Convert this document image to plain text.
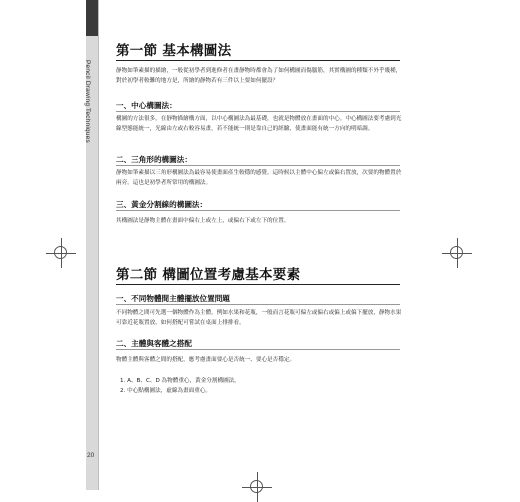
Pencil Drawing Techniques
20
第一節 基本構圖法
靜物如筆素描的描繪，一般從初學者到進修者在畫靜物時都會為了如何構圖而傷腦筋，其實構圖的種類不外乎幾種，對於初學者較難的地方是，所繪的靜物若有三件以上要如何擺設？
一、中心構圖法：
構圖的方法很多，在靜物描繪構方面，以中心構圖法為最基礎，也就是物體放在畫面的中心。中心構圖法要考慮到光線型態能統一，光線由左或右較容易畫，若不能統一則是靠自己的經驗，使畫面能有統一方向的明暗調。
二、三角形的構圖法：
靜物如筆素描以三角形構圖法為最容易使畫面產生較穩的感覺。這時候以主體中心偏左或偏右置放，次要的物體置於兩旁。這也是初學者所常用的構圖法。
三、黃金分割線的構圖法：
其構圖法是靜物主體在畫面中偏右上或左上，或偏右下或左下的位置。
第二節 構圖位置考慮基本要素
一、不同物體間主體擺放位置問題
不同物體之間可先選一個物體作為主體，例如水果和花瓶，一般而言花瓶可偏左或偏右或偏上或偏下擺放，靜物水果可靠近花瓶置放，如何搭配可嘗試在桌面上排排看。
二、主體與客體之搭配
物體主體與客體之間的搭配，應考慮畫面要心是否統一、要心是否穩定。
1. A、B、C、D 為物體重心，黃金分割構圖法。
2. 中心點構圖法，虛線為畫面重心。
